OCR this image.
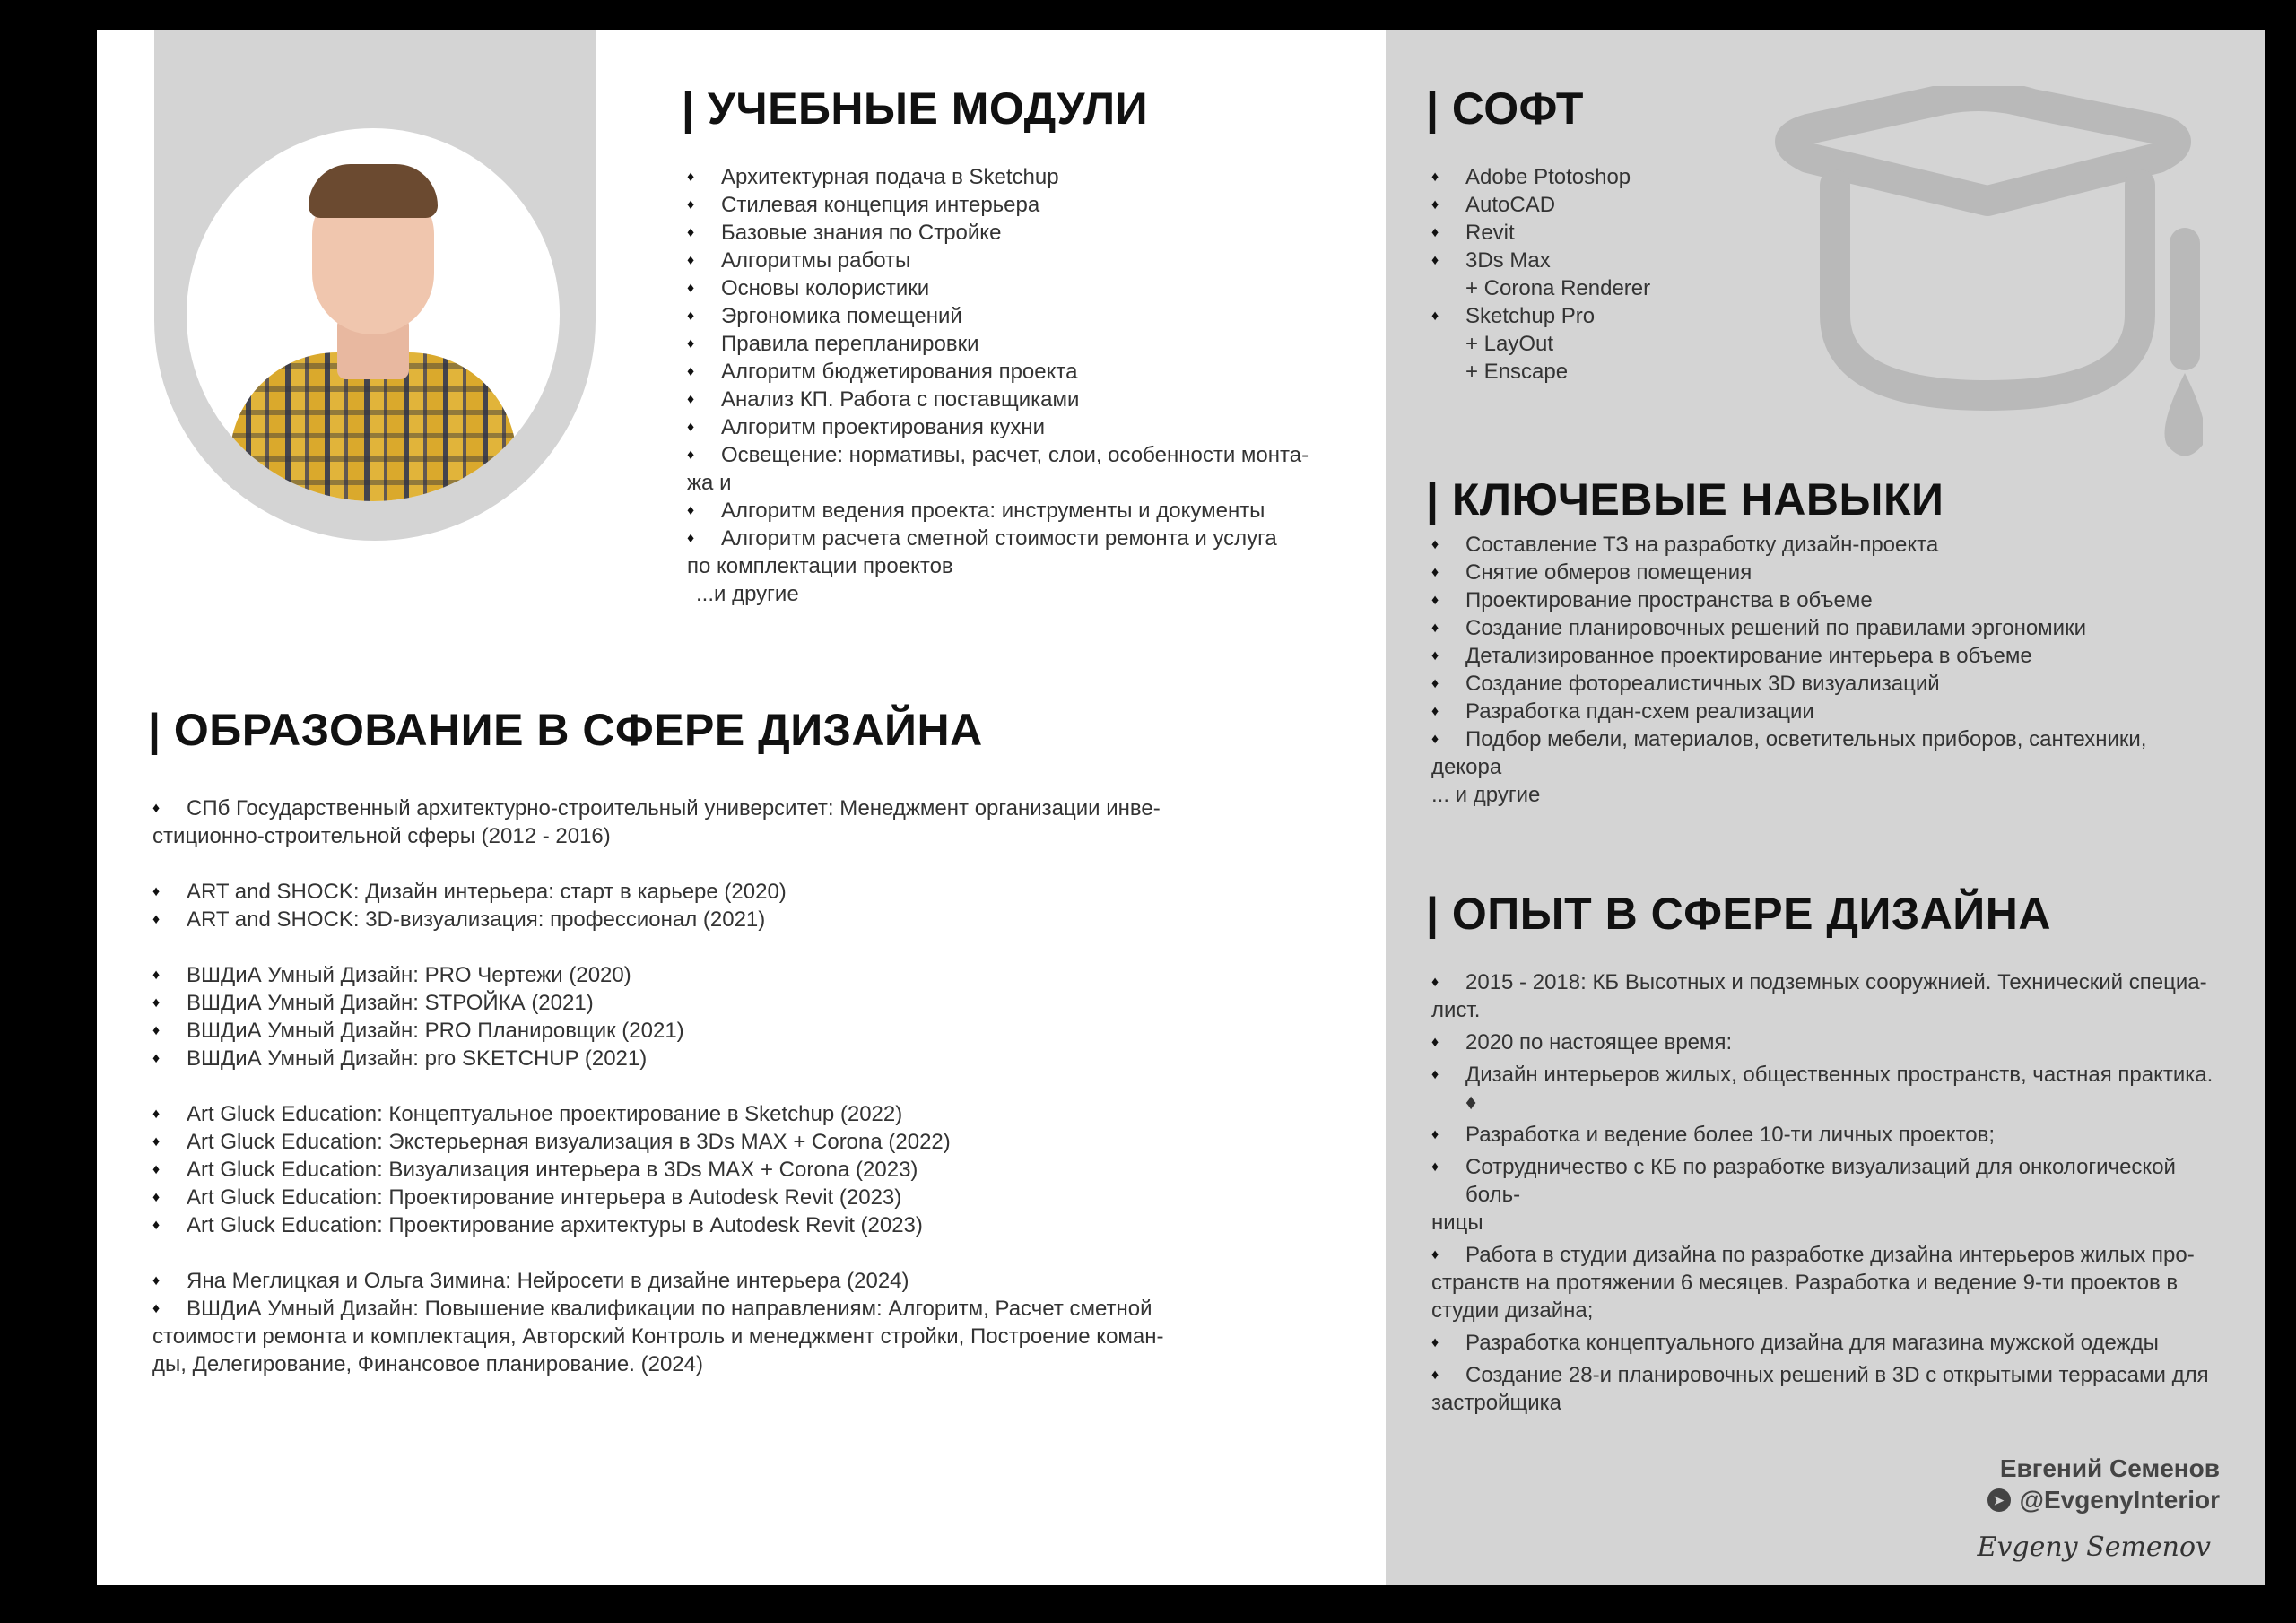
| УЧЕБНЫЕ МОДУЛИ
♦ Архитектурная подача в Sketchup
♦ Стилевая концепция интерьера
♦ Базовые знания по Стройке
♦ Алгоритмы работы
♦ Основы колористики
♦ Эргономика помещений
♦ Правила перепланировки
♦ Алгоритм бюджетирования проекта
♦ Анализ КП. Работа с поставщиками
♦ Алгоритм проектирования кухни
♦ Освещение: нормативы, расчет, слои, особенности монта-
жа и
♦ Алгоритм ведения проекта: инструменты и документы
♦ Алгоритм расчета сметной стоимости ремонта и услуга
по комплектации проектов
...и другие
| ОБРАЗОВАНИЕ В СФЕРЕ ДИЗАЙНА
♦ СПб Государственный архитектурно-строительный университет: Менеджмент организации инве-
стиционно-строительной сферы (2012 - 2016)
♦ ART and SHOCK: Дизайн интерьера: старт в карьере (2020)
♦ ART and SHOCK: 3D-визуализация: профессионал (2021)
♦ ВШДиА Умный Дизайн: PRO Чертежи (2020)
♦ ВШДиА Умный Дизайн: STРОЙКА (2021)
♦ ВШДиА Умный Дизайн: PRO Планировщик (2021)
♦ ВШДиА Умный Дизайн: pro SKETCHUP (2021)
♦ Art Gluck Education: Концептуальное проектирование в Sketchup (2022)
♦ Art Gluck Education: Экстерьерная визуализация в 3Ds MAX + Corona (2022)
♦ Art Gluck Education: Визуализация интерьера в 3Ds MAX + Corona (2023)
♦ Art Gluck Education: Проектирование интерьера в Autodesk Revit (2023)
♦ Art Gluck Education: Проектирование архитектуры в Autodesk Revit (2023)
♦ Яна Меглицкая и Ольга Зимина: Нейросети в дизайне интерьера (2024)
♦ ВШДиА Умный Дизайн: Повышение квалификации по направлениям: Алгоритм, Расчет сметной
стоимости ремонта и комплектация, Авторский Контроль и менеджмент стройки, Построение коман-
ды, Делегирование, Финансовое планирование. (2024)
| СОФТ
♦ Adobe Ptotoshop
♦ AutoCAD
♦ Revit
♦ 3Ds Max
+ Corona Renderer
♦ Sketchup Pro
+ LayOut
+ Enscape
| КЛЮЧЕВЫЕ НАВЫКИ
♦ Составление ТЗ на разработку дизайн-проекта
♦ Снятие обмеров помещения
♦ Проектирование пространства в объеме
♦ Создание планировочных решений по правилами эргономики
♦ Детализированное проектирование интерьера в объеме
♦ Создание фотореалистичных 3D визуализаций
♦ Разработка пдан-схем реализации
♦ Подбор мебели, материалов, осветительных приборов, сантехники,
декора
... и другие
| ОПЫТ В СФЕРЕ ДИЗАЙНА
♦ 2015 - 2018: КБ Высотных и подземных сооружнией. Технический специа-
лист.
♦ 2020 по настоящее время:
♦ Дизайн интерьеров жилых, общественных пространств, частная практика. ♦
♦ Разработка и ведение более 10-ти личных проектов;
♦ Сотрудничество с КБ по разработке визуализаций для онкологической боль-
ницы
♦ Работа в студии дизайна по разработке дизайна интерьеров жилых про-
странств на протяжении 6 месяцев. Разработка и ведение 9-ти проектов в
студии дизайна;
♦ Разработка концептуального дизайна для магазина мужской одежды
♦ Создание 28-и планировочных решений в 3D с открытыми террасами для
застройщика
Евгений Семенов
➤ @EvgenyInterior
Evgeny Semenov
